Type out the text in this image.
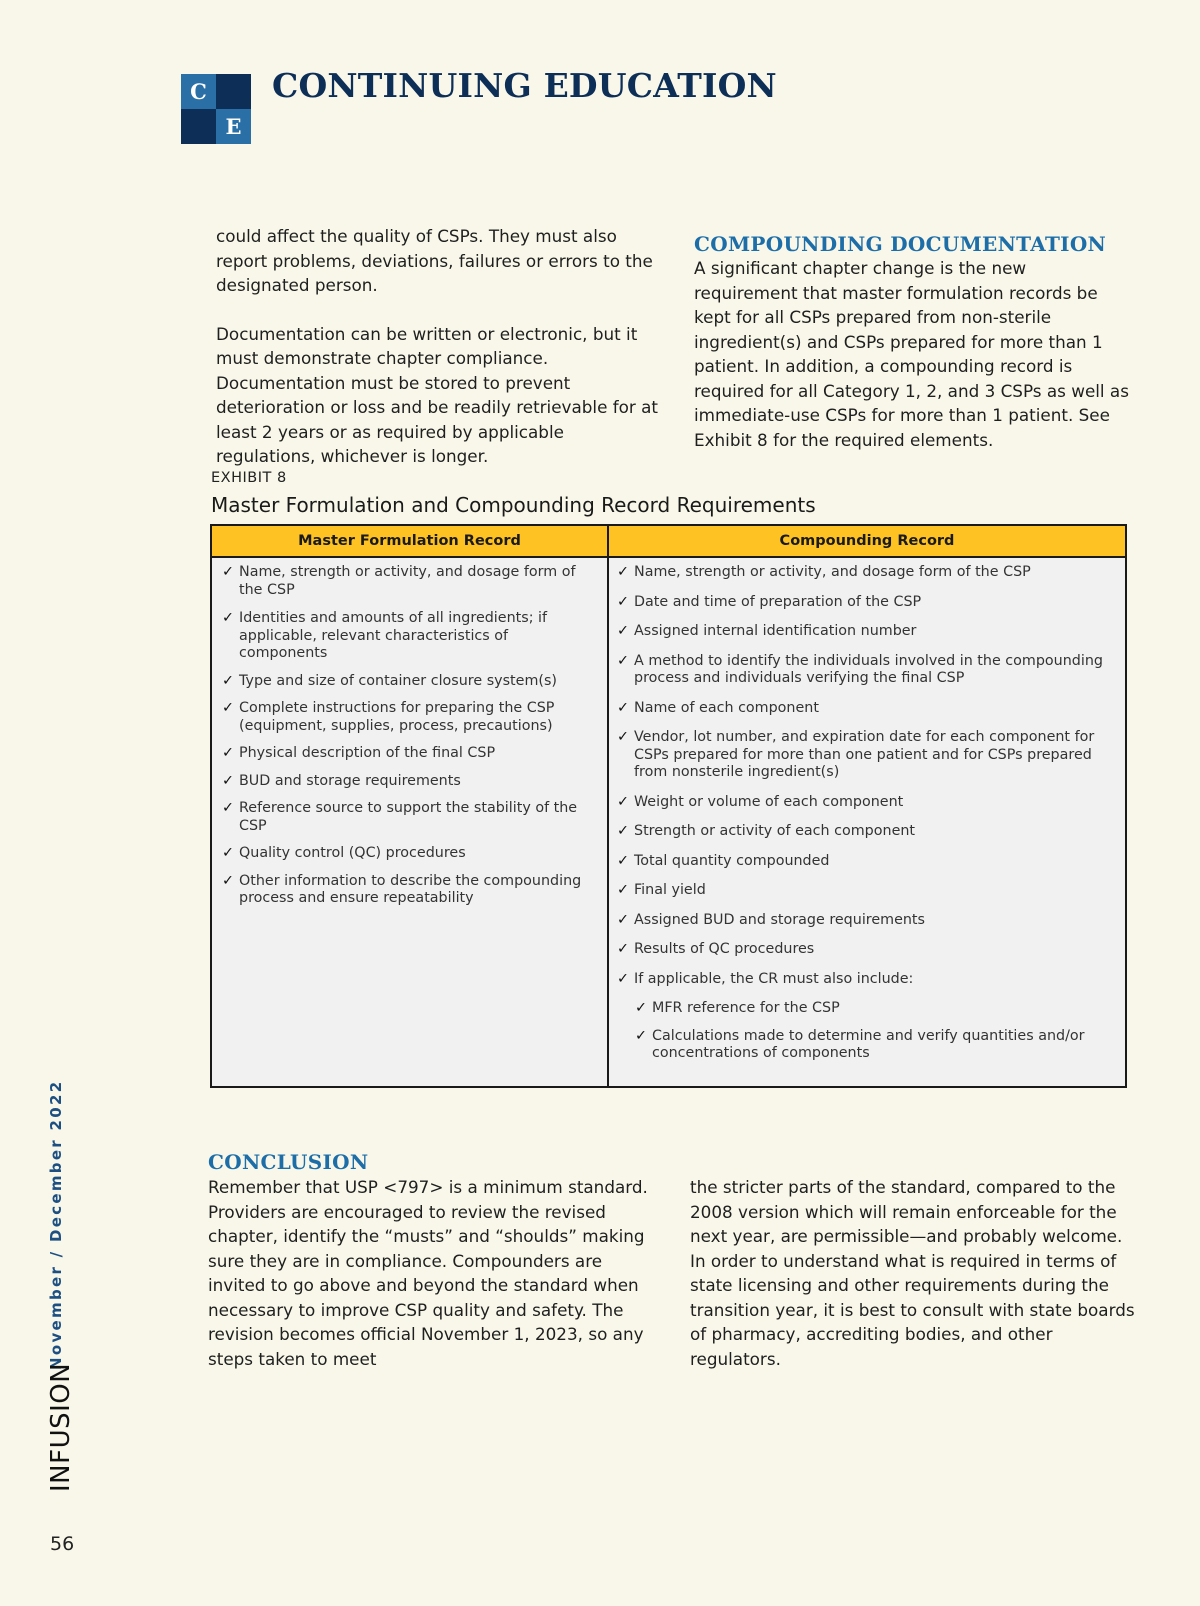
C
E
CONTINUING EDUCATION

could affect the quality of CSPs. They must also report problems, deviations, failures or errors to the designated person.

Documentation can be written or electronic, but it must demonstrate chapter compliance. Documentation must be stored to prevent deterioration or loss and be readily retrievable for at least 2 years or as required by applicable regulations, whichever is longer.

COMPOUNDING DOCUMENTATION
A significant chapter change is the new requirement that master formulation records be kept for all CSPs prepared from non-sterile ingredient(s) and CSPs prepared for more than 1 patient. In addition, a compounding record is required for all Category 1, 2, and 3 CSPs as well as immediate-use CSPs for more than 1 patient. See Exhibit 8 for the required elements.
EXHIBIT 8
Master Formulation and Compounding Record Requirements
Master Formulation Record	Compounding Record
✓ Name, strength or activity, and dosage form of the CSP
✓ Identities and amounts of all ingredients; if applicable, relevant characteristics of components
✓ Type and size of container closure system(s)
✓ Complete instructions for preparing the CSP (equipment, supplies, process, precautions)
✓ Physical description of the final CSP
✓ BUD and storage requirements
✓ Reference source to support the stability of the CSP
✓ Quality control (QC) procedures
✓ Other information to describe the compounding process and ensure repeatability
✓ Name, strength or activity, and dosage form of the CSP
✓ Date and time of preparation of the CSP
✓ Assigned internal identification number
✓ A method to identify the individuals involved in the compounding process and individuals verifying the final CSP
✓ Name of each component
✓ Vendor, lot number, and expiration date for each component for CSPs prepared for more than one patient and for CSPs prepared from nonsterile ingredient(s)
✓ Weight or volume of each component
✓ Strength or activity of each component
✓ Total quantity compounded
✓ Final yield
✓ Assigned BUD and storage requirements
✓ Results of QC procedures
✓ If applicable, the CR must also include:
✓ MFR reference for the CSP
✓ Calculations made to determine and verify quantities and/or concentrations of components
CONCLUSION
Remember that USP <797> is a minimum standard. Providers are encouraged to review the revised chapter, identify the “musts” and “shoulds” making sure they are in compliance. Compounders are invited to go above and beyond the standard when necessary to improve CSP quality and safety. The revision becomes official November 1, 2023, so any steps taken to meet
the stricter parts of the standard, compared to the 2008 version which will remain enforceable for the next year, are permissible—and probably welcome. In order to understand what is required in terms of state licensing and other requirements during the transition year, it is best to consult with state boards of pharmacy, accrediting bodies, and other regulators.
November / December 2022
INFUSION
56
